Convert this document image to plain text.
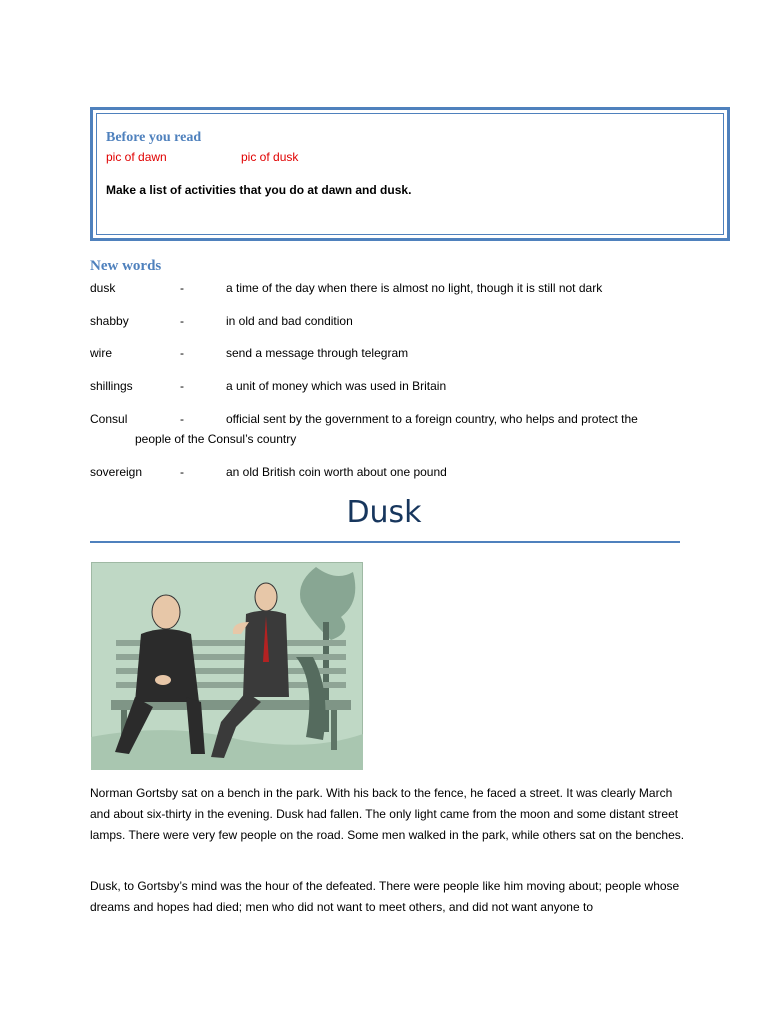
Before you read
pic of dawn	pic of dusk
Make a list of activities that you do at dawn and dusk.
New words
dusk	-	a time of the day when there is almost no light, though it is still not dark
shabby	-	in old and bad condition
wire	-	send a message through telegram
shillings	-	a unit of money which was used in Britain
Consul	-	official sent by the government to a foreign country, who helps and protect the
people of the Consul’s country
sovereign	-	an old British coin worth about one pound
Dusk
Norman Gortsby sat on a bench in the park. With his back to the fence, he faced a street. It was clearly March and about six-thirty in the evening. Dusk had fallen. The only light came from the moon and some distant street lamps. There were very few people on the road. Some men walked in the park, while others sat on the benches.
Dusk, to Gortsby’s mind was the hour of the defeated. There were people like him moving about; people whose dreams and hopes had died; men who did not want to meet others, and did not want anyone to
